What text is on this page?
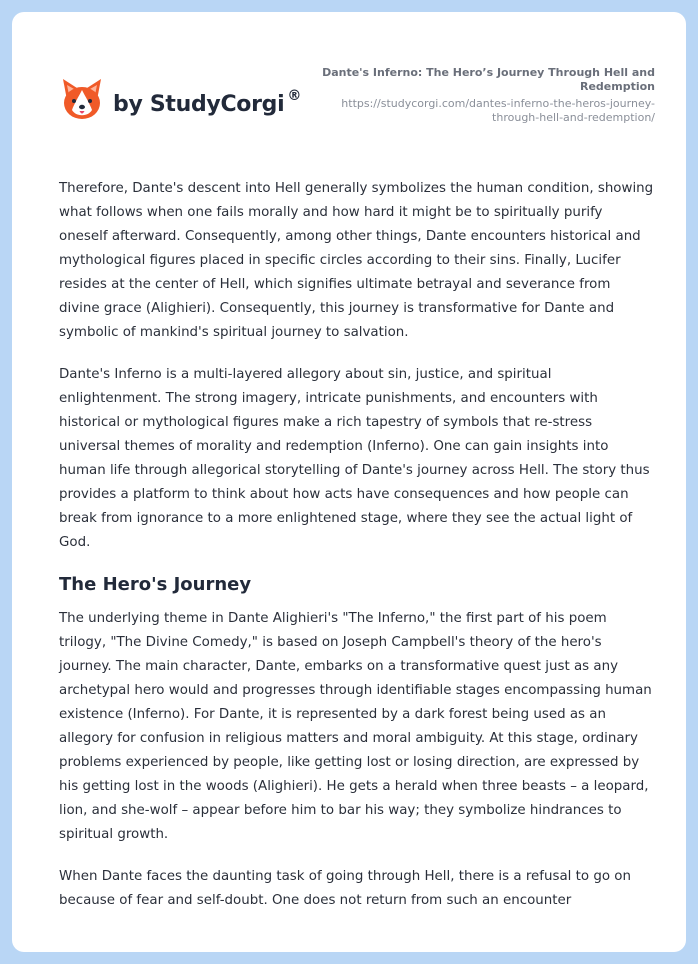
by StudyCorgi ®
Dante's Inferno: The Hero’s Journey Through Hell and Redemption
https://studycorgi.com/dantes-inferno-the-heros-journey-through-hell-and-redemption/

Therefore, Dante's descent into Hell generally symbolizes the human condition, showing what follows when one fails morally and how hard it might be to spiritually purify oneself afterward. Consequently, among other things, Dante encounters historical and mythological figures placed in specific circles according to their sins. Finally, Lucifer resides at the center of Hell, which signifies ultimate betrayal and severance from divine grace (Alighieri). Consequently, this journey is transformative for Dante and symbolic of mankind's spiritual journey to salvation.

Dante's Inferno is a multi-layered allegory about sin, justice, and spiritual enlightenment. The strong imagery, intricate punishments, and encounters with historical or mythological figures make a rich tapestry of symbols that re-stress universal themes of morality and redemption (Inferno). One can gain insights into human life through allegorical storytelling of Dante's journey across Hell. The story thus provides a platform to think about how acts have consequences and how people can break from ignorance to a more enlightened stage, where they see the actual light of God.

The Hero's Journey

The underlying theme in Dante Alighieri's "The Inferno," the first part of his poem trilogy, "The Divine Comedy," is based on Joseph Campbell's theory of the hero's journey. The main character, Dante, embarks on a transformative quest just as any archetypal hero would and progresses through identifiable stages encompassing human existence (Inferno). For Dante, it is represented by a dark forest being used as an allegory for confusion in religious matters and moral ambiguity. At this stage, ordinary problems experienced by people, like getting lost or losing direction, are expressed by his getting lost in the woods (Alighieri). He gets a herald when three beasts – a leopard, lion, and she-wolf – appear before him to bar his way; they symbolize hindrances to spiritual growth.

When Dante faces the daunting task of going through Hell, there is a refusal to go on because of fear and self-doubt. One does not return from such an encounter
